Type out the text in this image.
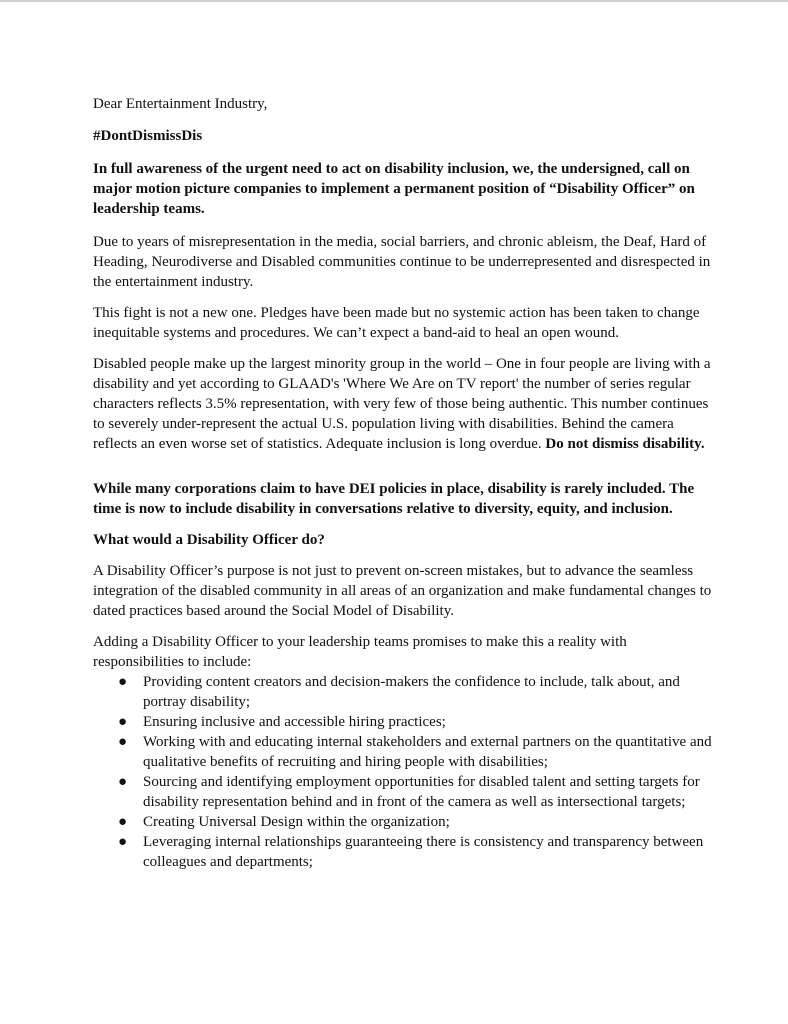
Dear Entertainment Industry,

#DontDismissDis

In full awareness of the urgent need to act on disability inclusion, we, the undersigned, call on major motion picture companies to implement a permanent position of “Disability Officer” on leadership teams.

Due to years of misrepresentation in the media, social barriers, and chronic ableism, the Deaf, Hard of Heading, Neurodiverse and Disabled communities continue to be underrepresented and disrespected in the entertainment industry.

This fight is not a new one. Pledges have been made but no systemic action has been taken to change inequitable systems and procedures. We can’t expect a band-aid to heal an open wound.

Disabled people make up the largest minority group in the world – One in four people are living with a disability and yet according to GLAAD's 'Where We Are on TV report' the number of series regular characters reflects 3.5% representation, with very few of those being authentic. This number continues to severely under-represent the actual U.S. population living with disabilities. Behind the camera reflects an even worse set of statistics. Adequate inclusion is long overdue. Do not dismiss disability.

While many corporations claim to have DEI policies in place, disability is rarely included. The time is now to include disability in conversations relative to diversity, equity, and inclusion.

What would a Disability Officer do?

A Disability Officer’s purpose is not just to prevent on-screen mistakes, but to advance the seamless integration of the disabled community in all areas of an organization and make fundamental changes to dated practices based around the Social Model of Disability.

Adding a Disability Officer to your leadership teams promises to make this a reality with responsibilities to include:

● Providing content creators and decision-makers the confidence to include, talk about, and portray disability;
● Ensuring inclusive and accessible hiring practices;
● Working with and educating internal stakeholders and external partners on the quantitative and qualitative benefits of recruiting and hiring people with disabilities;
● Sourcing and identifying employment opportunities for disabled talent and setting targets for disability representation behind and in front of the camera as well as intersectional targets;
● Creating Universal Design within the organization;
● Leveraging internal relationships guaranteeing there is consistency and transparency between colleagues and departments;
